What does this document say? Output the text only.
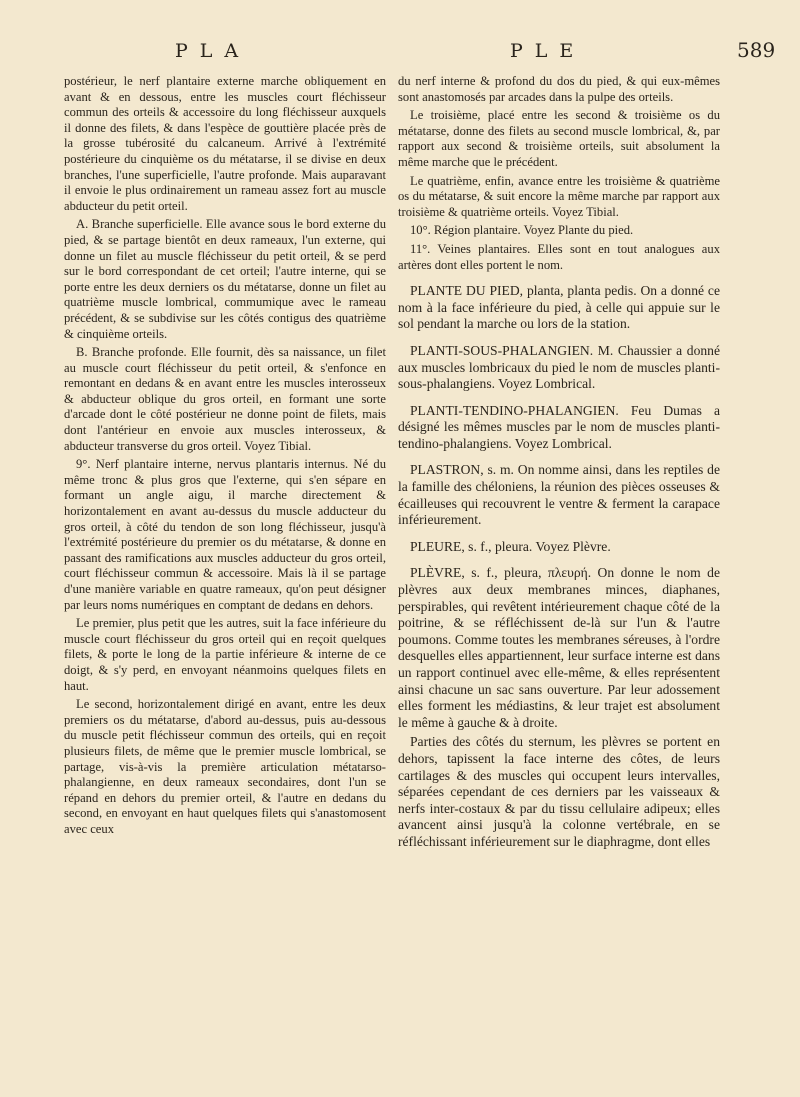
PLA	PLE	589

postérieur, le nerf plantaire externe marche obliquement en avant & en dessous, entre les muscles court fléchisseur commun des orteils & accessoire du long fléchisseur auxquels il donne des filets, & dans l'espèce de gouttière placée près de la grosse tubérosité du calcaneum. Arrivé à l'extrémité postérieure du cinquième os du métatarse, il se divise en deux branches, l'une superficielle, l'autre profonde. Mais auparavant il envoie le plus ordinairement un rameau assez fort au muscle abducteur du petit orteil.

A. Branche superficielle. Elle avance sous le bord externe du pied, & se partage bientôt en deux rameaux, l'un externe, qui donne un filet au muscle fléchisseur du petit orteil, & se perd sur le bord correspondant de cet orteil; l'autre interne, qui se porte entre les deux derniers os du métatarse, donne un filet au quatrième muscle lombrical, commumique avec le rameau précédent, & se subdivise sur les côtés contigus des quatrième & cinquième orteils.

B. Branche profonde. Elle fournit, dès sa naissance, un filet au muscle court fléchisseur du petit orteil, & s'enfonce en remontant en dedans & en avant entre les muscles interosseux & abducteur oblique du gros orteil, en formant une sorte d'arcade dont le côté postérieur ne donne point de filets, mais dont l'antérieur en envoie aux muscles interosseux, & abducteur transverse du gros orteil. Voyez Tibial.

9°. Nerf plantaire interne, nervus plantaris internus. Né du même tronc & plus gros que l'externe, qui s'en sépare en formant un angle aigu, il marche directement & horizontalement en avant au-dessus du muscle adducteur du gros orteil, à côté du tendon de son long fléchisseur, jusqu'à l'extrémité postérieure du premier os du métatarse, & donne en passant des ramifications aux muscles adducteur du gros orteil, court fléchisseur commun & accessoire. Mais là il se partage d'une manière variable en quatre rameaux, qu'on peut désigner par leurs noms numériques en comptant de dedans en dehors.

Le premier, plus petit que les autres, suit la face inférieure du muscle court fléchisseur du gros orteil qui en reçoit quelques filets, & porte le long de la partie inférieure & interne de ce doigt, & s'y perd, en envoyant néanmoins quelques filets en haut.

Le second, horizontalement dirigé en avant, entre les deux premiers os du métatarse, d'abord au-dessus, puis au-dessous du muscle petit fléchisseur commun des orteils, qui en reçoit plusieurs filets, de même que le premier muscle lombrical, se partage, vis-à-vis la première articulation métatarso-phalangienne, en deux rameaux secondaires, dont l'un se répand en dehors du premier orteil, & l'autre en dedans du second, en envoyant en haut quelques filets qui s'anastomosent avec ceux

du nerf interne & profond du dos du pied, & qui eux-mêmes sont anastomosés par arcades dans la pulpe des orteils.

Le troisième, placé entre les second & troisième os du métatarse, donne des filets au second muscle lombrical, &, par rapport aux second & troisième orteils, suit absolument la même marche que le précédent.

Le quatrième, enfin, avance entre les troisième & quatrième os du métatarse, & suit encore la même marche par rapport aux troisième & quatrième orteils. Voyez Tibial.

10°. Région plantaire. Voyez Plante du pied.

11°. Veines plantaires. Elles sont en tout analogues aux artères dont elles portent le nom.

PLANTE DU PIED, planta, planta pedis. On a donné ce nom à la face inférieure du pied, à celle qui appuie sur le sol pendant la marche ou lors de la station.

PLANTI-SOUS-PHALANGIEN. M. Chaussier a donné aux muscles lombricaux du pied le nom de muscles planti-sous-phalangiens. Voyez Lombrical.

PLANTI-TENDINO-PHALANGIEN. Feu Dumas a désigné les mêmes muscles par le nom de muscles planti-tendino-phalangiens. Voyez Lombrical.

PLASTRON, s. m. On nomme ainsi, dans les reptiles de la famille des chéloniens, la réunion des pièces osseuses & écailleuses qui recouvrent le ventre & ferment la carapace inférieurement.

PLEURE, s. f., pleura. Voyez Plèvre.

PLÈVRE, s. f., pleura, πλευρή. On donne le nom de plèvres aux deux membranes minces, diaphanes, perspirables, qui revêtent intérieurement chaque côté de la poitrine, & se réfléchissent de-là sur l'un & l'autre poumons. Comme toutes les membranes séreuses, à l'ordre desquelles elles appartiennent, leur surface interne est dans un rapport continuel avec elle-même, & elles représentent ainsi chacune un sac sans ouverture. Par leur adossement elles forment les médiastins, & leur trajet est absolument le même à gauche & à droite.

Parties des côtés du sternum, les plèvres se portent en dehors, tapissent la face interne des côtes, de leurs cartilages & des muscles qui occupent leurs intervalles, séparées cependant de ces derniers par les vaisseaux & nerfs inter-costaux & par du tissu cellulaire adipeux; elles avancent ainsi jusqu'à la colonne vertébrale, en se réfléchissant inférieurement sur le diaphragme, dont elles
